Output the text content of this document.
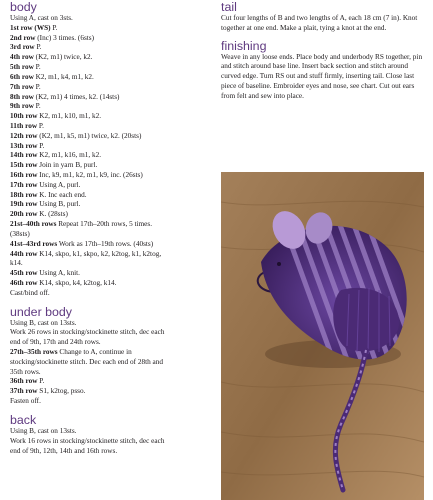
body
Using A, cast on 3sts.
1st row (WS) P.
2nd row (Inc) 3 times. (6sts)
3rd row P.
4th row (K2, m1) twice, k2.
5th row P.
6th row K2, m1, k4, m1, k2.
7th row P.
8th row (K2, m1) 4 times, k2. (14sts)
9th row P.
10th row K2, m1, k10, m1, k2.
11th row P.
12th row (K2, m1, k5, m1) twice, k2. (20sts)
13th row P.
14th row K2, m1, k16, m1, k2.
15th row Join in yarn B, purl.
16th row Inc, k9, m1, k2, m1, k9, inc. (26sts)
17th row Using A, purl.
18th row K. Inc each end.
19th row Using B, purl.
20th row K. (28sts)
21st–40th rows Repeat 17th–20th rows, 5 times.
(38sts)
41st–43rd rows Work as 17th–19th rows. (40sts)
44th row K14, skpo, k1, skpo, k2, k2tog, k1, k2tog,
k14.
45th row Using A, knit.
46th row K14, skpo, k4, k2tog, k14.
Cast/bind off.
under body
Using B, cast on 13sts.
Work 26 rows in stocking/stockinette stitch, dec each
end of 9th, 17th and 24th rows.
27th–35th rows Change to A, continue in
stocking/stockinette stitch. Dec each end of 28th and
35th rows.
36th row P.
37th row S1, k2tog, psso.
Fasten off.
back
Using B, cast on 13sts.
Work 16 rows in stocking/stockinette stitch, dec each
end of 9th, 12th, 14th and 16th rows.
tail

Cut four lengths of B and two lengths of A, each 18 cm (7 in). Knot together at one end. Make a plait, tying a knot at the end.

finishing

Weave in any loose ends. Place body and underbody RS together, pin and stitch around base line. Insert back section and stitch around curved edge. Turn RS out and stuff firmly, inserting tail. Close last piece of baseline. Embroider eyes and nose, see chart. Cut out ears from felt and sew into place.
